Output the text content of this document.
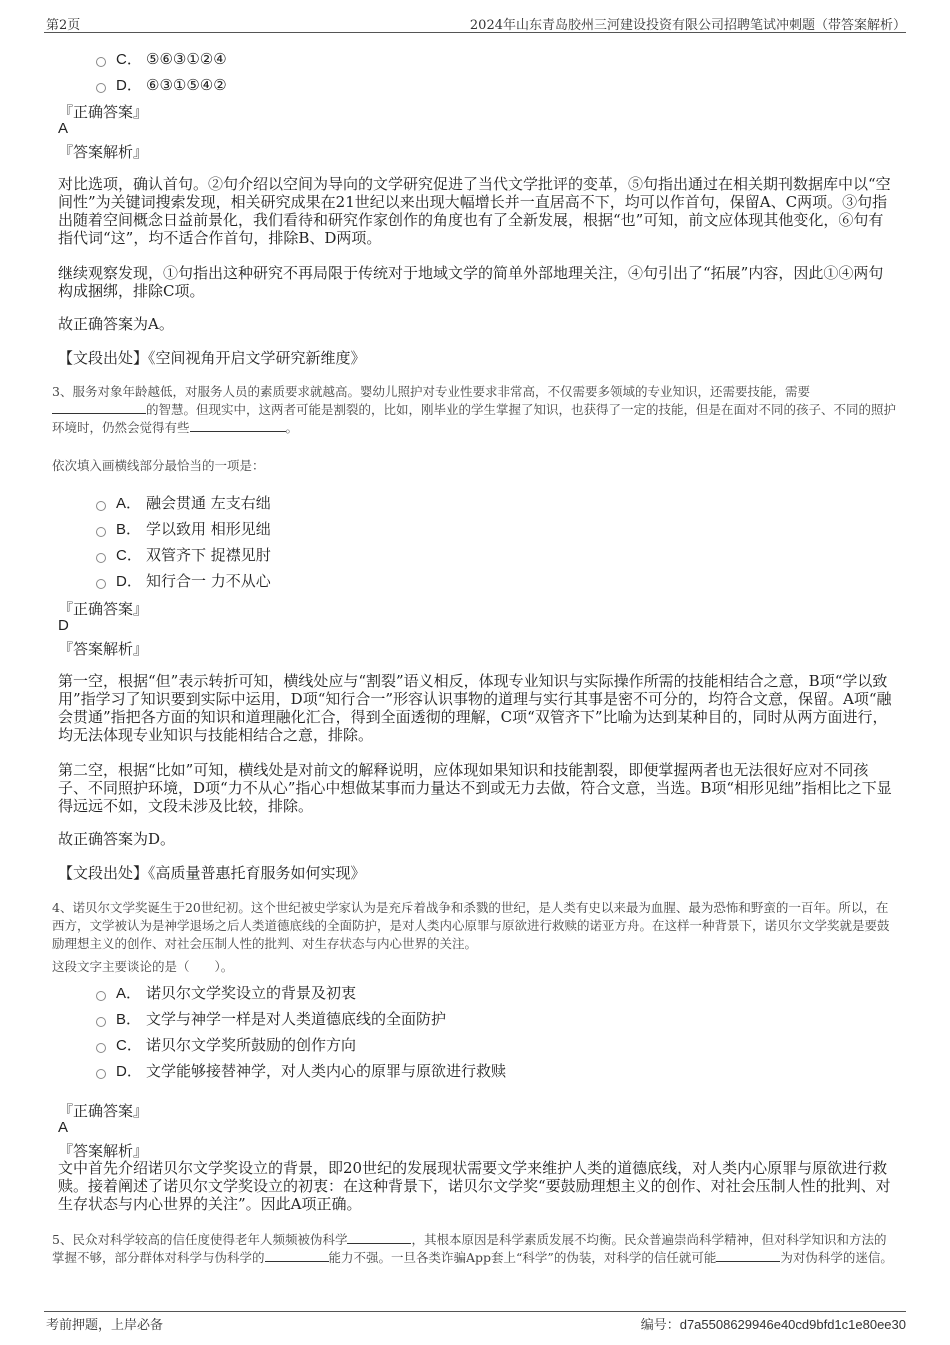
第2页	2024年山东青岛胶州三河建设投资有限公司招聘笔试冲刺题（带答案解析）
C． ⑤⑥③①②④
D． ⑥③①⑤④②
『正确答案』
A
『答案解析』
对比选项，确认首句。②句介绍以空间为导向的文学研究促进了当代文学批评的变革，⑤句指出通过在相关期刊数据库中以“空间性”为关键词搜索发现，相关研究成果在21世纪以来出现大幅增长并一直居高不下，均可以作首句，保留A、C两项。③句指出随着空间概念日益前景化，我们看待和研究作家创作的角度也有了全新发展，根据“也”可知，前文应体现其他变化，⑥句有指代词“这”，均不适合作首句，排除B、D两项。
继续观察发现，①句指出这种研究不再局限于传统对于地域文学的简单外部地理关注，④句引出了“拓展”内容，因此①④两句构成捆绑，排除C项。
故正确答案为A。
【文段出处】《空间视角开启文学研究新维度》
3、服务对象年龄越低，对服务人员的素质要求就越高。婴幼儿照护对专业性要求非常高，不仅需要多领域的专业知识，还需要技能，需要的智慧。但现实中，这两者可能是割裂的，比如，刚毕业的学生掌握了知识，也获得了一定的技能，但是在面对不同的孩子、不同的照护环境时，仍然会觉得有些	。
依次填入画横线部分最恰当的一项是：
A． 融会贯通 左支右绌
B． 学以致用 相形见绌
C． 双管齐下 捉襟见肘
D． 知行合一 力不从心
『正确答案』
D
『答案解析』
第一空，根据“但”表示转折可知，横线处应与“割裂”语义相反，体现专业知识与实际操作所需的技能相结合之意，B项“学以致用”指学习了知识要到实际中运用，D项“知行合一”形容认识事物的道理与实行其事是密不可分的，均符合文意，保留。A项“融会贯通”指把各方面的知识和道理融化汇合，得到全面透彻的理解，C项“双管齐下”比喻为达到某种目的，同时从两方面进行，均无法体现专业知识与技能相结合之意，排除。
第二空，根据“比如”可知，横线处是对前文的解释说明，应体现如果知识和技能割裂，即便掌握两者也无法很好应对不同孩子、不同照护环境，D项“力不从心”指心中想做某事而力量达不到或无力去做，符合文意，当选。B项“相形见绌”指相比之下显得远远不如，文段未涉及比较，排除。
故正确答案为D。
【文段出处】《高质量普惠托育服务如何实现》
4、诺贝尔文学奖诞生于20世纪初。这个世纪被史学家认为是充斥着战争和杀戮的世纪，是人类有史以来最为血腥、最为恐怖和野蛮的一百年。所以，在西方，文学被认为是神学退场之后人类道德底线的全面防护，是对人类内心原罪与原欲进行救赎的诺亚方舟。在这样一种背景下，诺贝尔文学奖就是要鼓励理想主义的创作、对社会压制人性的批判、对生存状态与内心世界的关注。
这段文字主要谈论的是（　　）。
A． 诺贝尔文学奖设立的背景及初衷
B． 文学与神学一样是对人类道德底线的全面防护
C． 诺贝尔文学奖所鼓励的创作方向
D． 文学能够接替神学，对人类内心的原罪与原欲进行救赎
『正确答案』
A
『答案解析』
文中首先介绍诺贝尔文学奖设立的背景，即20世纪的发展现状需要文学来维护人类的道德底线，对人类内心原罪与原欲进行救赎。接着阐述了诺贝尔文学奖设立的初衷：在这种背景下，诺贝尔文学奖“要鼓励理想主义的创作、对社会压制人性的批判、对生存状态与内心世界的关注”。因此A项正确。
5、民众对科学较高的信任度使得老年人频频被伪科学	，其根本原因是科学素质发展不均衡。民众普遍崇尚科学精神，但对科学知识和方法的掌握不够，部分群体对科学与伪科学的	能力不强。一旦各类诈骗App套上“科学”的伪装，对科学的信任就可能	为对伪科学的迷信。
考前押题，上岸必备	编号：d7a5508629946e40cd9bfd1c1e80ee30
